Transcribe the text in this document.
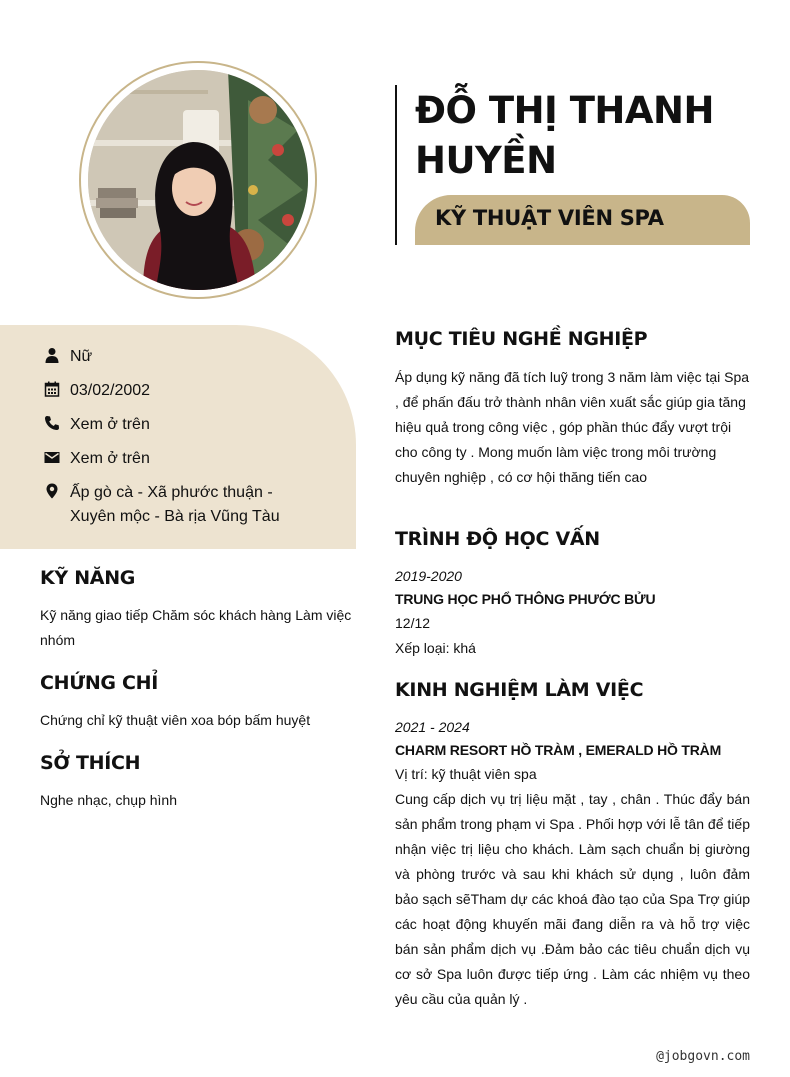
ĐỖ THỊ THANH HUYỀN
KỸ THUẬT VIÊN SPA
Nữ
03/02/2002
Xem ở trên
Xem ở trên
Ấp gò cà - Xã phước thuận - Xuyên mộc - Bà rịa Vũng Tàu
KỸ NĂNG
Kỹ năng giao tiếp Chăm sóc khách hàng Làm việc nhóm
CHỨNG CHỈ
Chứng chỉ kỹ thuật viên xoa bóp bấm huyệt
SỞ THÍCH
Nghe nhạc, chụp hình
MỤC TIÊU NGHỀ NGHIỆP
Áp dụng kỹ năng đã tích luỹ trong 3 năm làm việc tại Spa , để phấn đấu trở thành nhân viên xuất sắc giúp gia tăng hiệu quả trong công việc , góp phần thúc đẩy vượt trội cho công ty . Mong muốn làm việc trong môi trường chuyên nghiệp , có cơ hội thăng tiến cao
TRÌNH ĐỘ HỌC VẤN
2019-2020
TRUNG HỌC PHỔ THÔNG PHƯỚC BỬU
12/12
Xếp loại: khá
KINH NGHIỆM LÀM VIỆC
2021 - 2024
CHARM RESORT HỒ TRÀM , EMERALD HỒ TRÀM
Vị trí: kỹ thuật viên spa
Cung cấp dịch vụ trị liệu mặt , tay , chân . Thúc đẩy bán sản phẩm trong phạm vi Spa . Phối hợp với lễ tân để tiếp nhận việc trị liệu cho khách. Làm sạch chuẩn bị giường và phòng trước và sau khi khách sử dụng , luôn đảm bảo sạch sẽTham dự các khoá đào tạo của Spa Trợ giúp các hoạt động khuyến mãi đang diễn ra và hỗ trợ việc bán sản phẩm dịch vụ .Đảm bảo các tiêu chuẩn dịch vụ cơ sở Spa luôn được tiếp ứng . Làm các nhiệm vụ theo yêu cầu của quản lý .
@jobgovn.com
